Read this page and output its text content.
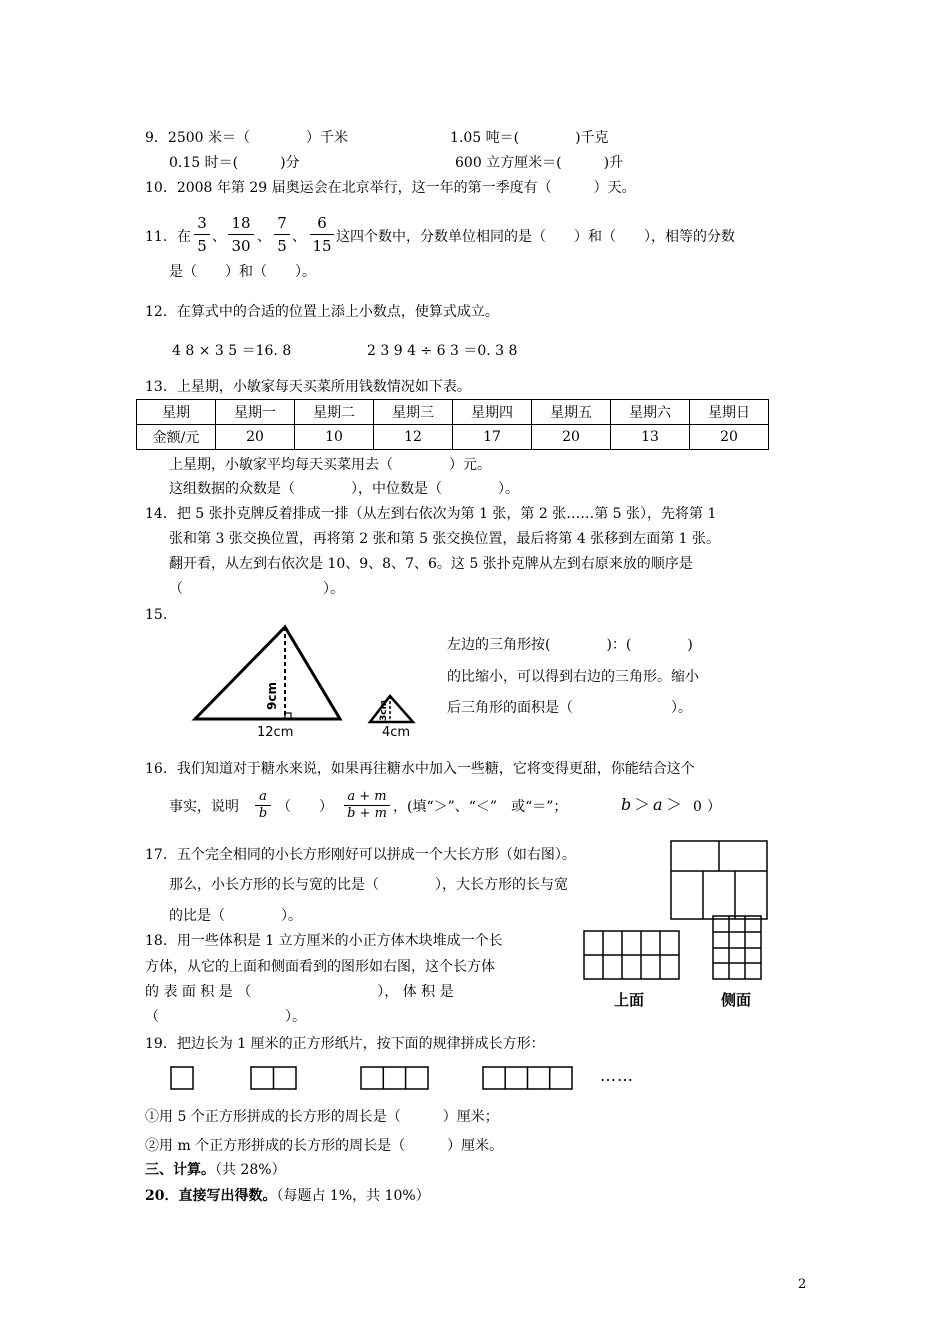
9．2500 米＝（　　　　）千米	1.05 吨＝(　　　　)千克
0.15 时＝(　　　)分	600 立方厘米＝(　　　)升
10．2008 年第 29 届奥运会在北京举行，这一年的第一季度有（　　　）天。
11．在 $\frac{3}{5}$ 、 $\frac{18}{30}$ 、 $\frac{7}{5}$ 、 $\frac{6}{15}$ 这四个数中，分数单位相同的是（　　）和（　　），相等的分数
是（　　）和（　　）。
12．在算式中的合适的位置上添上小数点，使算式成立。
4 8 × 3 5 ＝16. 8	2 3 9 4 ÷ 6 3 ＝0. 3 8
13．上星期，小敏家每天买菜所用钱数情况如下表。
星期	星期一	星期二	星期三	星期四	星期五	星期六	星期日
金额/元	20	10	12	17	20	13	20
上星期，小敏家平均每天买菜用去（　　　　）元。
这组数据的众数是（　　　　），中位数是（　　　　）。
14．把 5 张扑克牌反着排成一排（从左到右依次为第 1 张，第 2 张……第 5 张），先将第 1
张和第 3 张交换位置，再将第 2 张和第 5 张交换位置，最后将第 4 张移到左面第 1 张。
翻开看，从左到右依次是 10、9、8、7、6。这 5 张扑克牌从左到右原来放的顺序是
（　　　　　　　　　　）。
15．
9cm
12cm
3cm
4cm
左边的三角形按(　　　　)：(　　　　)
的比缩小，可以得到右边的三角形。缩小
后三角形的面积是（　　　　　　　）。
16．我们知道对于糖水来说，如果再往糖水中加入一些糖，它将变得更甜，你能结合这个
事实，说明 $\frac{a}{b}$ （　　） $\frac{a + m}{b + m}$ ，(填“＞”、“＜”　或“＝”；	b ＞ a ＞ 0 ）
17．五个完全相同的小长方形刚好可以拼成一个大长方形（如右图）。
那么，小长方形的长与宽的比是（　　　　），大长方形的长与宽
的比是（　　　　）。
18．用一些体积是 1 立方厘米的小正方体木块堆成一个长
方体，从它的上面和侧面看到的图形如右图，这个长方体
的 表 面 积 是 （　　　　　　　　　）， 体 积 是
（　　　　　　　　　）。
上面	侧面
19．把边长为 1 厘米的正方形纸片，按下面的规律拼成长方形：
……
①用 5 个正方形拼成的长方形的周长是（　　　）厘米；
②用 m 个正方形拼成的长方形的周长是（　　　）厘米。
三、计算。（共 28%）
20．直接写出得数。（每题占 1%，共 10%）
2
